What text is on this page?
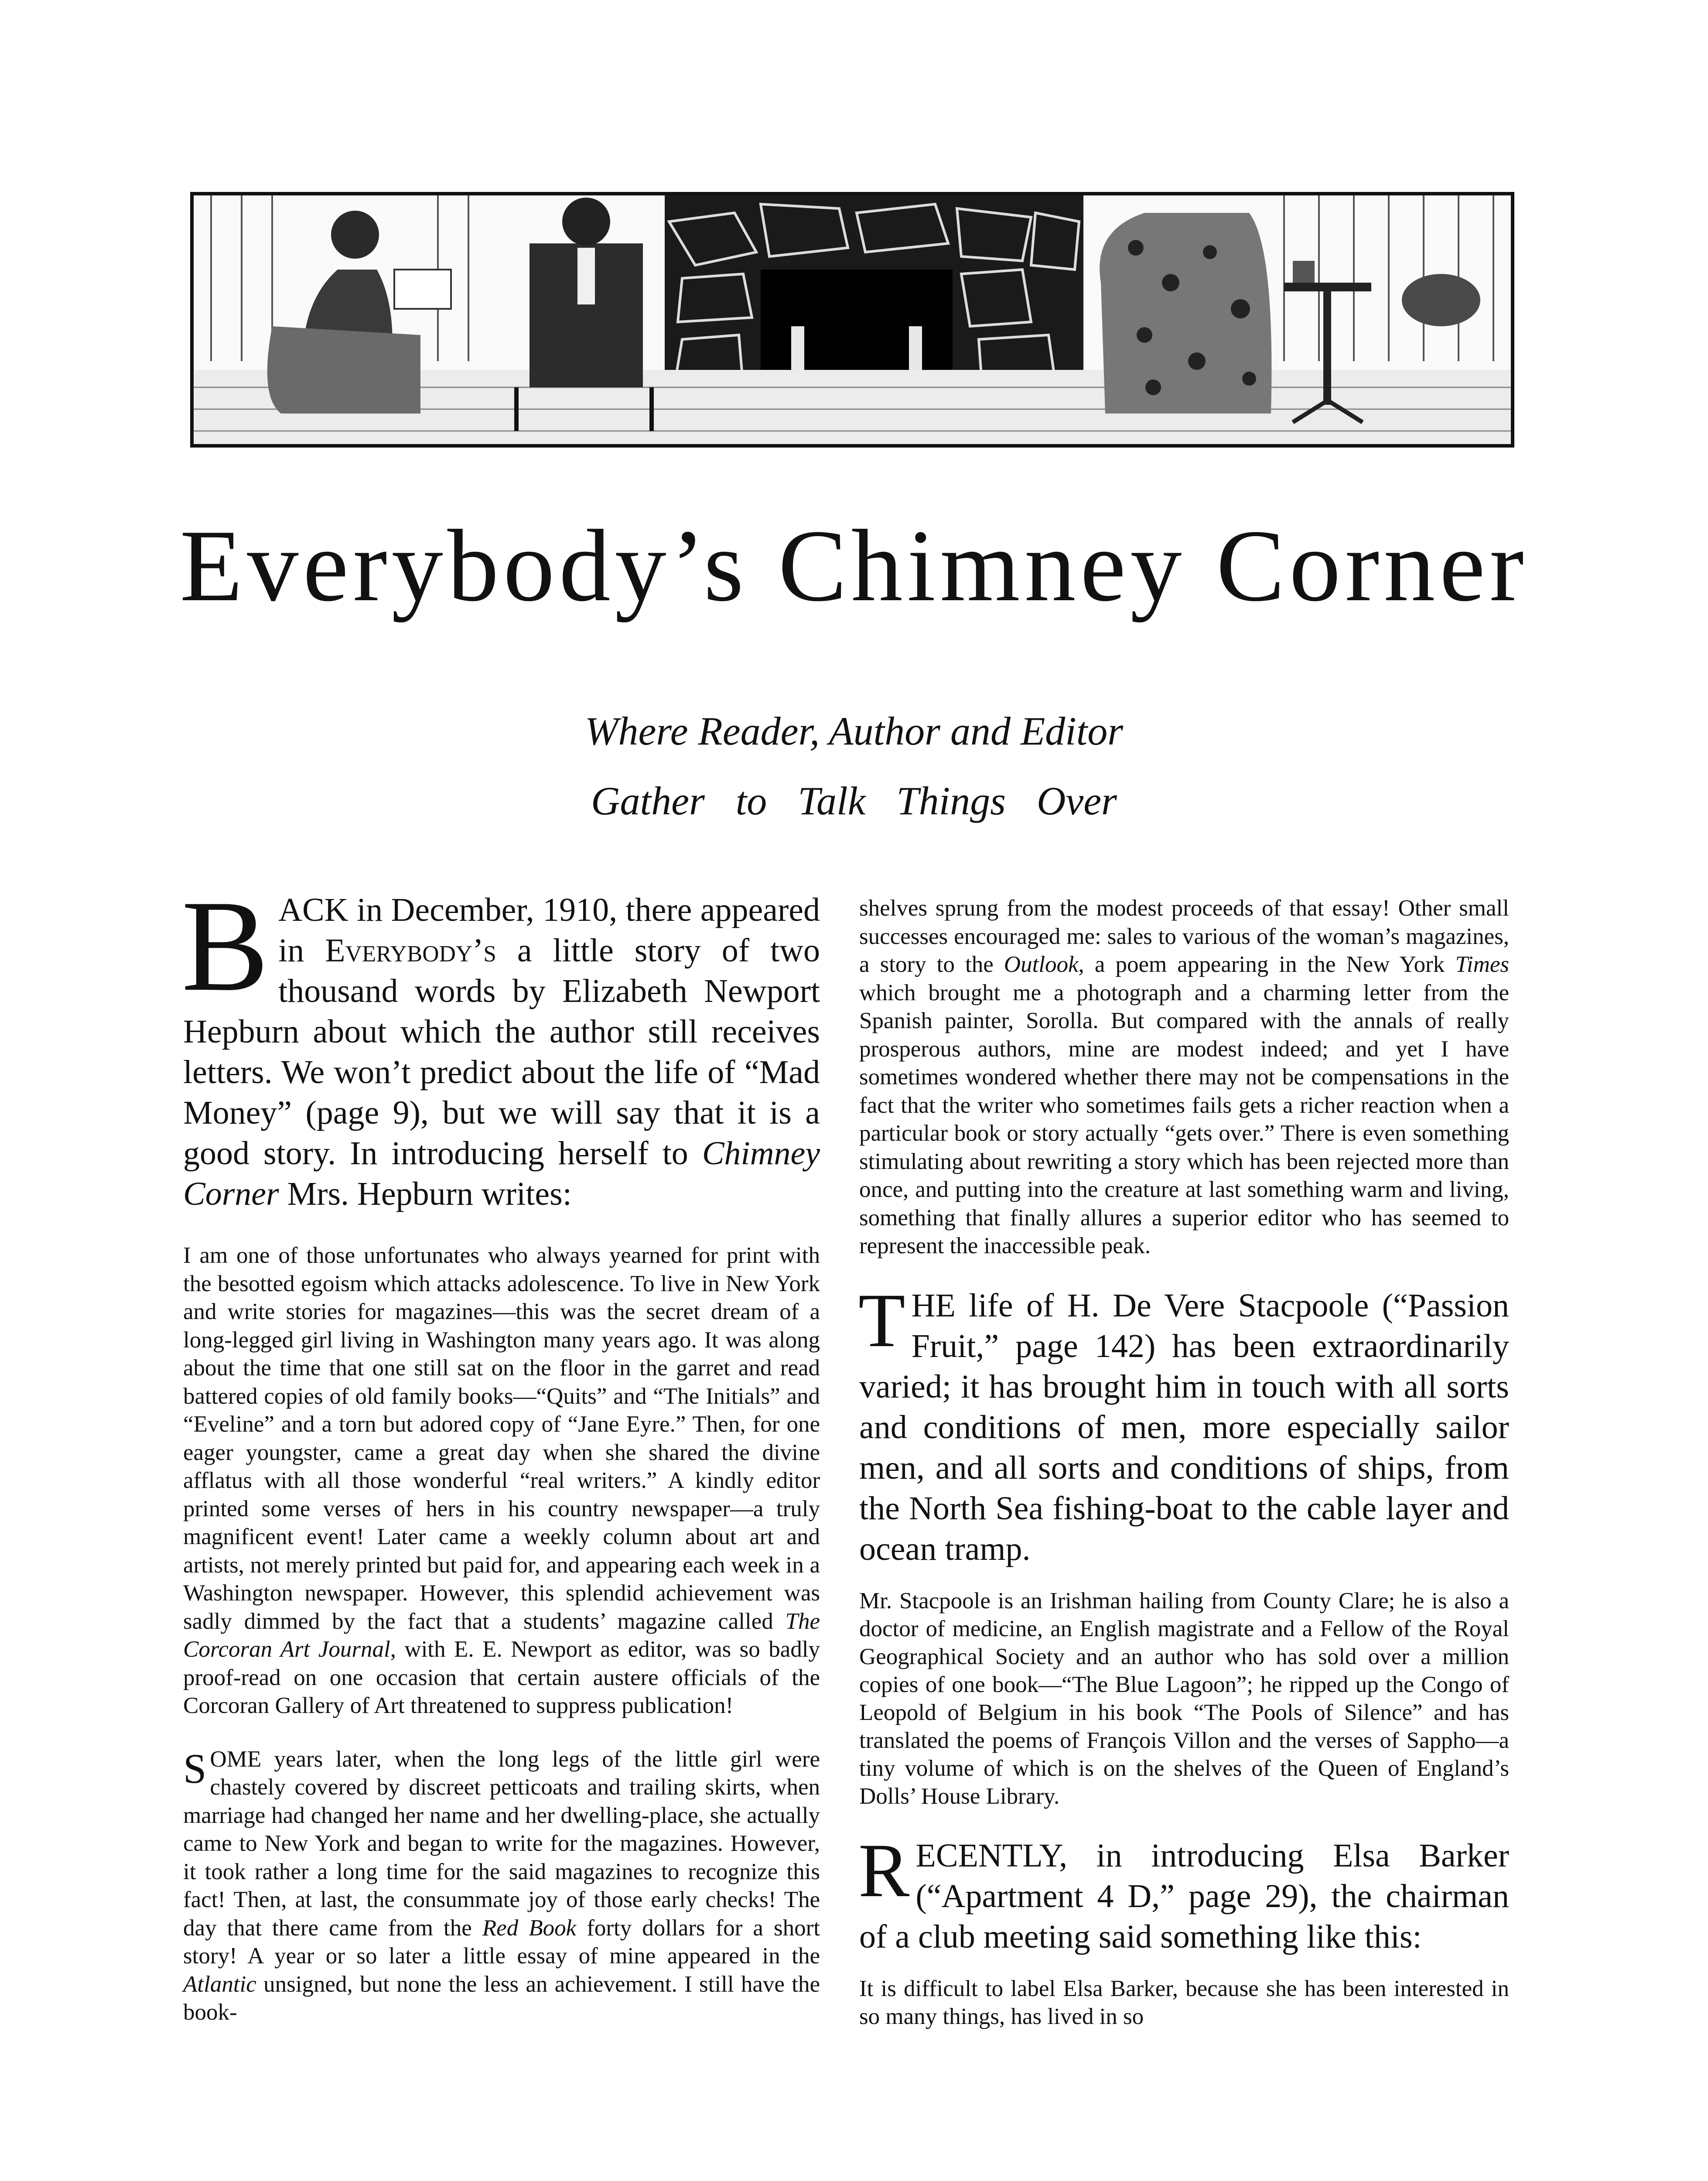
Everybody’s Chimney Corner
Where Reader, Author and Editor
Gather to Talk Things Over

BACK in December, 1910, there appeared in Everybody’s a little story of two thousand words by Elizabeth Newport Hepburn about which the author still receives letters. We won’t predict about the life of “Mad Money” (page 9), but we will say that it is a good story. In introducing herself to Chimney Corner Mrs. Hepburn writes:

I am one of those unfortunates who always yearned for print with the besotted egoism which attacks adolescence. To live in New York and write stories for magazines—this was the secret dream of a long-legged girl living in Washington many years ago. It was along about the time that one still sat on the floor in the garret and read battered copies of old family books—“Quits” and “The Initials” and “Eveline” and a torn but adored copy of “Jane Eyre.” Then, for one eager youngster, came a great day when she shared the divine afflatus with all those wonderful “real writers.” A kindly editor printed some verses of hers in his country newspaper—a truly magnificent event! Later came a weekly column about art and artists, not merely printed but paid for, and appearing each week in a Washington newspaper. However, this splendid achievement was sadly dimmed by the fact that a students’ magazine called The Corcoran Art Journal, with E. E. Newport as editor, was so badly proof-read on one occasion that certain austere officials of the Corcoran Gallery of Art threatened to suppress publication!

SOME years later, when the long legs of the little girl were chastely covered by discreet petticoats and trailing skirts, when marriage had changed her name and her dwelling-place, she actually came to New York and began to write for the magazines. However, it took rather a long time for the said magazines to recognize this fact! Then, at last, the consummate joy of those early checks! The day that there came from the Red Book forty dollars for a short story! A year or so later a little essay of mine appeared in the Atlantic unsigned, but none the less an achievement. I still have the book-

shelves sprung from the modest proceeds of that essay! Other small successes encouraged me: sales to various of the woman’s magazines, a story to the Outlook, a poem appearing in the New York Times which brought me a photograph and a charming letter from the Spanish painter, Sorolla. But compared with the annals of really prosperous authors, mine are modest indeed; and yet I have sometimes wondered whether there may not be compensations in the fact that the writer who sometimes fails gets a richer reaction when a particular book or story actually “gets over.” There is even something stimulating about rewriting a story which has been rejected more than once, and putting into the creature at last something warm and living, something that finally allures a superior editor who has seemed to represent the inaccessible peak.

THE life of H. De Vere Stacpoole (“Passion Fruit,” page 142) has been extraordinarily varied; it has brought him in touch with all sorts and conditions of men, more especially sailor men, and all sorts and conditions of ships, from the North Sea fishing-boat to the cable layer and ocean tramp.

Mr. Stacpoole is an Irishman hailing from County Clare; he is also a doctor of medicine, an English magistrate and a Fellow of the Royal Geographical Society and an author who has sold over a million copies of one book—“The Blue Lagoon”; he ripped up the Congo of Leopold of Belgium in his book “The Pools of Silence” and has translated the poems of François Villon and the verses of Sappho—a tiny volume of which is on the shelves of the Queen of England’s Dolls’ House Library.

RECENTLY, in introducing Elsa Barker (“Apartment 4 D,” page 29), the chairman of a club meeting said something like this:

It is difficult to label Elsa Barker, because she has been interested in so many things, has lived in so
